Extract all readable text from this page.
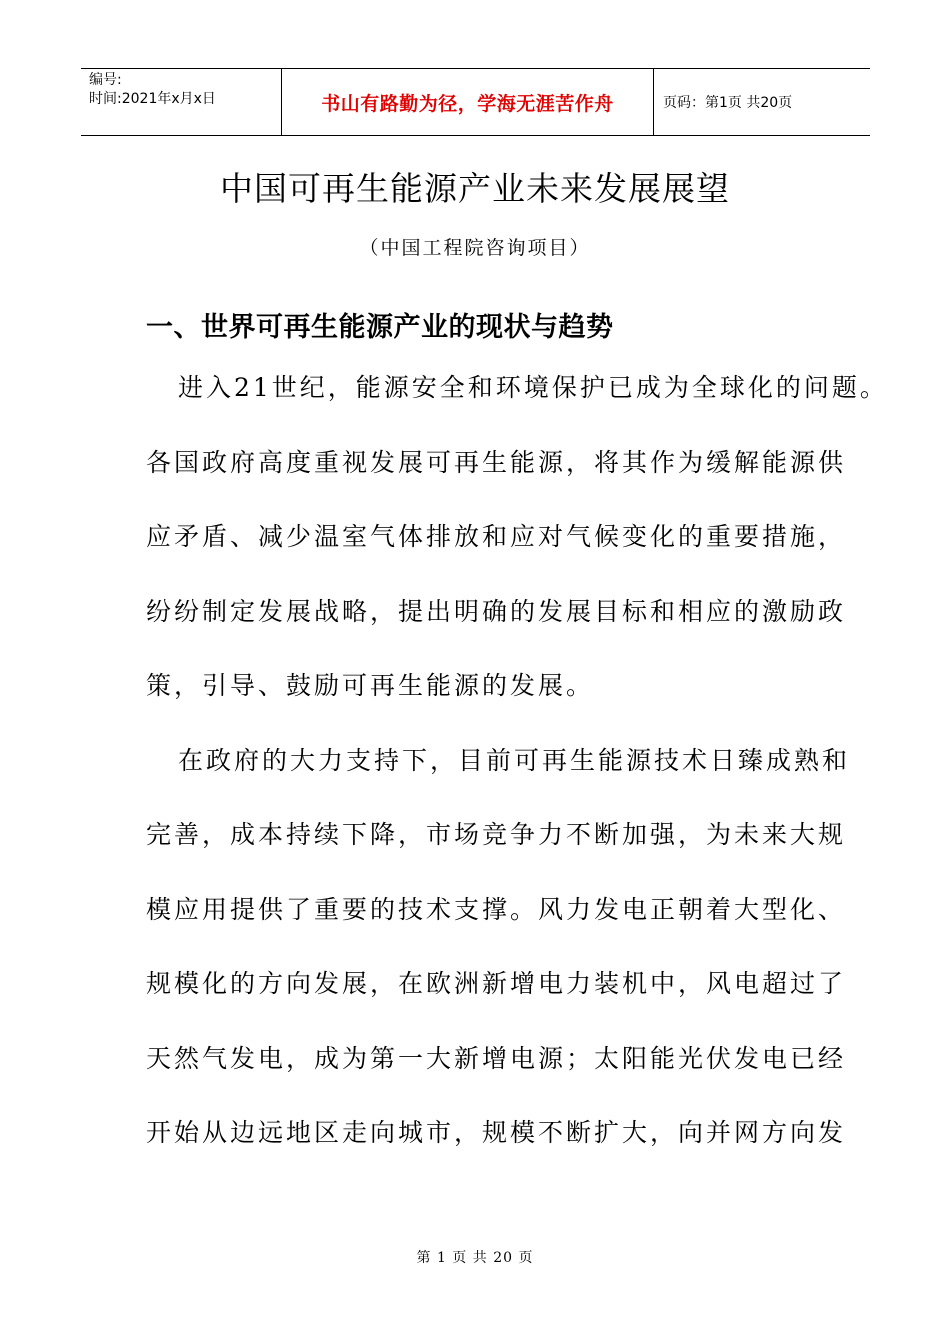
编号:
时间:2021年x月x日	书山有路勤为径，学海无涯苦作舟	页码：第1页 共20页
中国可再生能源产业未来发展展望
（中国工程院咨询项目）
一、世界可再生能源产业的现状与趋势
进入21世纪，能源安全和环境保护已成为全球化的问题。
各国政府高度重视发展可再生能源，将其作为缓解能源供
应矛盾、减少温室气体排放和应对气候变化的重要措施，
纷纷制定发展战略，提出明确的发展目标和相应的激励政
策，引导、鼓励可再生能源的发展。
在政府的大力支持下，目前可再生能源技术日臻成熟和
完善，成本持续下降，市场竞争力不断加强，为未来大规
模应用提供了重要的技术支撑。风力发电正朝着大型化、
规模化的方向发展，在欧洲新增电力装机中，风电超过了
天然气发电，成为第一大新增电源；太阳能光伏发电已经
开始从边远地区走向城市，规模不断扩大，向并网方向发
第 1 页 共 20 页
